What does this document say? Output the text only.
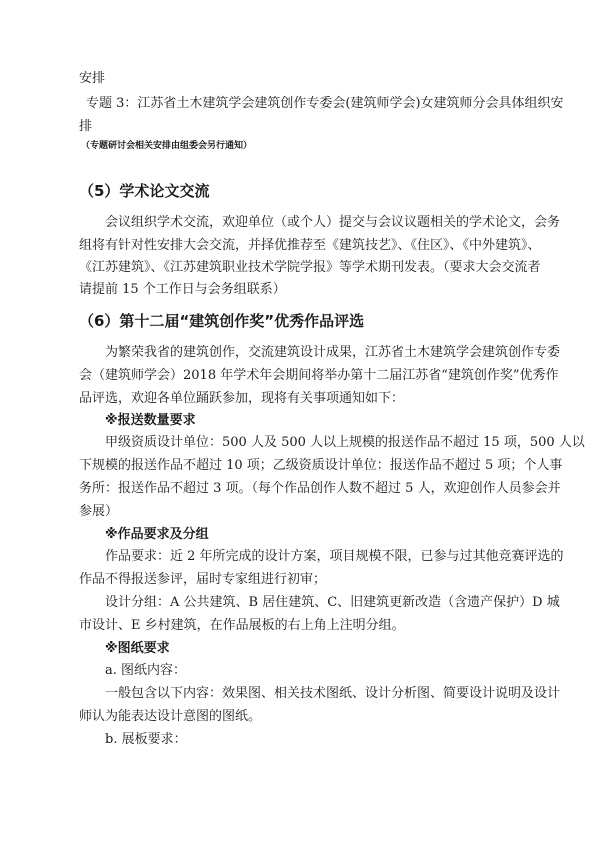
安排
专题 3：江苏省土木建筑学会建筑创作专委会(建筑师学会)女建筑师分会具体组织安
排
（专题研讨会相关安排由组委会另行通知）
（5）学术论文交流
会议组织学术交流，欢迎单位（或个人）提交与会议议题相关的学术论文，会务
组将有针对性安排大会交流，并择优推荐至《建筑技艺》、《住区》、《中外建筑》、
《江苏建筑》、《江苏建筑职业技术学院学报》等学术期刊发表。（要求大会交流者
请提前 15 个工作日与会务组联系）
（6）第十二届“建筑创作奖”优秀作品评选
为繁荣我省的建筑创作，交流建筑设计成果，江苏省土木建筑学会建筑创作专委
会（建筑师学会）2018 年学术年会期间将举办第十二届江苏省“建筑创作奖”优秀作
品评选，欢迎各单位踊跃参加，现将有关事项通知如下：
※报送数量要求
甲级资质设计单位：500 人及 500 人以上规模的报送作品不超过 15 项，500 人以
下规模的报送作品不超过 10 项；乙级资质设计单位：报送作品不超过 5 项；个人事
务所：报送作品不超过 3 项。（每个作品创作人数不超过 5 人，欢迎创作人员参会并
参展）
※作品要求及分组
作品要求：近 2 年所完成的设计方案，项目规模不限，已参与过其他竞赛评选的
作品不得报送参评，届时专家组进行初审；
设计分组：A 公共建筑、B 居住建筑、C、旧建筑更新改造（含遗产保护）D 城
市设计、E 乡村建筑，在作品展板的右上角上注明分组。
※图纸要求
a. 图纸内容：
一般包含以下内容：效果图、相关技术图纸、设计分析图、简要设计说明及设计
师认为能表达设计意图的图纸。
b. 展板要求：
